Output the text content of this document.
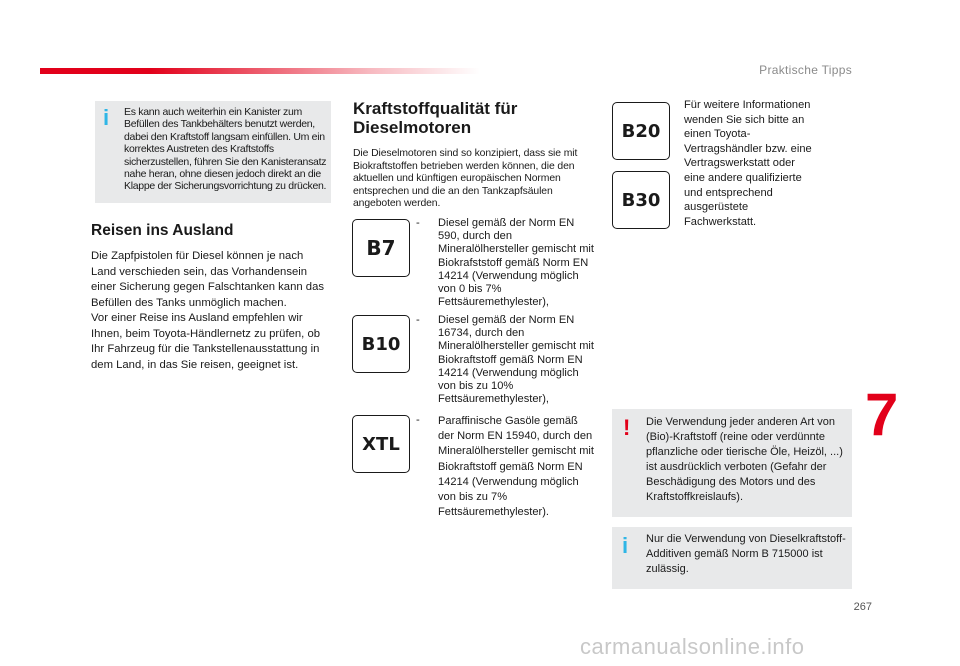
Praktische Tipps
i Es kann auch weiterhin ein Kanister zum Befüllen des Tankbehälters benutzt werden, dabei den Kraftstoff langsam einfüllen. Um ein korrektes Austreten des Kraftstoffs sicherzustellen, führen Sie den Kanisteransatz nahe heran, ohne diesen jedoch direkt an die Klappe der Sicherungsvorrichtung zu drücken.
Reisen ins Ausland
Die Zapfpistolen für Diesel können je nach Land verschieden sein, das Vorhandensein einer Sicherung gegen Falschtanken kann das Befüllen des Tanks unmöglich machen.
Vor einer Reise ins Ausland empfehlen wir Ihnen, beim Toyota-Händlernetz zu prüfen, ob Ihr Fahrzeug für die Tankstellenausstattung in dem Land, in das Sie reisen, geeignet ist.
Kraftstoffqualität für Dieselmotoren
Die Dieselmotoren sind so konzipiert, dass sie mit Biokraftstoffen betrieben werden können, die den aktuellen und künftigen europäischen Normen entsprechen und die an den Tankzapfsäulen angeboten werden.
B7
- Diesel gemäß der Norm EN 590, durch den Mineralölhersteller gemischt mit Biokrafststoff gemäß Norm EN 14214 (Verwendung möglich von 0 bis 7% Fettsäuremethylester),
B10
- Diesel gemäß der Norm EN 16734, durch den Mineralölhersteller gemischt mit Biokraftstoff gemäß Norm EN 14214 (Verwendung möglich von bis zu 10% Fettsäuremethylester),
XTL
- Paraffinische Gasöle gemäß der Norm EN 15940, durch den Mineralölhersteller gemischt mit Biokraftstoff gemäß Norm EN 14214 (Verwendung möglich von bis zu 7% Fettsäuremethylester).
B20
B30
Für weitere Informationen wenden Sie sich bitte an einen Toyota-Vertragshändler bzw. eine Vertragswerkstatt oder eine andere qualifizierte und entsprechend ausgerüstete Fachwerkstatt.
! Die Verwendung jeder anderen Art von (Bio)-Kraftstoff (reine oder verdünnte pflanzliche oder tierische Öle, Heizöl, ...) ist ausdrücklich verboten (Gefahr der Beschädigung des Motors und des Kraftstoffkreislaufs).
i Nur die Verwendung von Dieselkraftstoff-Additiven gemäß Norm B 715000 ist zulässig.
7
267
carmanualsonline.info
